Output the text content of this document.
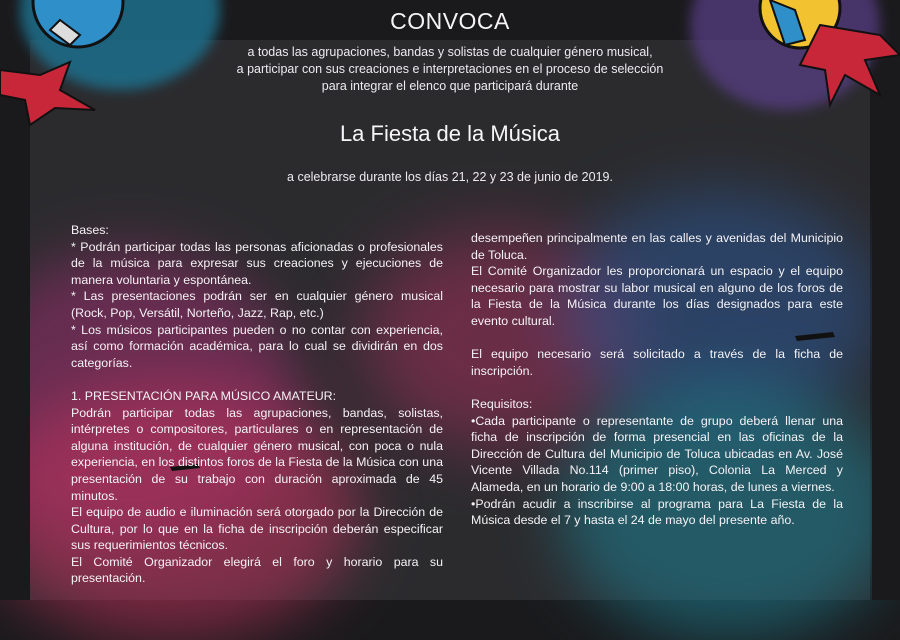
CONVOCA
a todas las agrupaciones, bandas y solistas de cualquier género musical,
a participar con sus creaciones e interpretaciones en el proceso de selección
para integrar el elenco que participará durante
La Fiesta de la Música
a celebrarse durante los días 21, 22 y 23 de junio de 2019.

Bases:

* Podrán participar todas las personas aficionadas o profesionales de la música para expresar sus creaciones y ejecuciones de manera voluntaria y espontánea.

* Las presentaciones podrán ser en cualquier género musical (Rock, Pop, Versátil, Norteño, Jazz, Rap, etc.)

* Los músicos participantes pueden o no contar con experiencia, así como formación académica, para lo cual se dividirán en dos categorías.

1. PRESENTACIÓN PARA MÚSICO AMATEUR:

Podrán participar todas las agrupaciones, bandas, solistas, intérpretes o compositores, particulares o en representación de alguna institución, de cualquier género musical, con poca o nula experiencia, en los distintos foros de la Fiesta de la Música con una presentación de su trabajo con duración aproximada de 45 minutos.

El equipo de audio e iluminación será otorgado por la Dirección de Cultura, por lo que en la ficha de inscripción deberán especificar sus requerimientos técnicos.

El Comité Organizador elegirá el foro y horario para su presentación.

desempeñen principalmente en las calles y avenidas del Municipio de Toluca.

El Comité Organizador les proporcionará un espacio y el equipo necesario para mostrar su labor musical en alguno de los foros de la Fiesta de la Música durante los días designados para este evento cultural.

El equipo necesario será solicitado a través de la ficha de inscripción.

Requisitos:

•Cada participante o representante de grupo deberá llenar una ficha de inscripción de forma presencial en las oficinas de la Dirección de Cultura del Municipio de Toluca ubicadas en Av. José Vicente Villada No.114 (primer piso), Colonia La Merced y Alameda, en un horario de 9:00 a 18:00 horas, de lunes a viernes.

•Podrán acudir a inscribirse al programa para La Fiesta de la Música desde el 7 y hasta el 24 de mayo del presente año.
